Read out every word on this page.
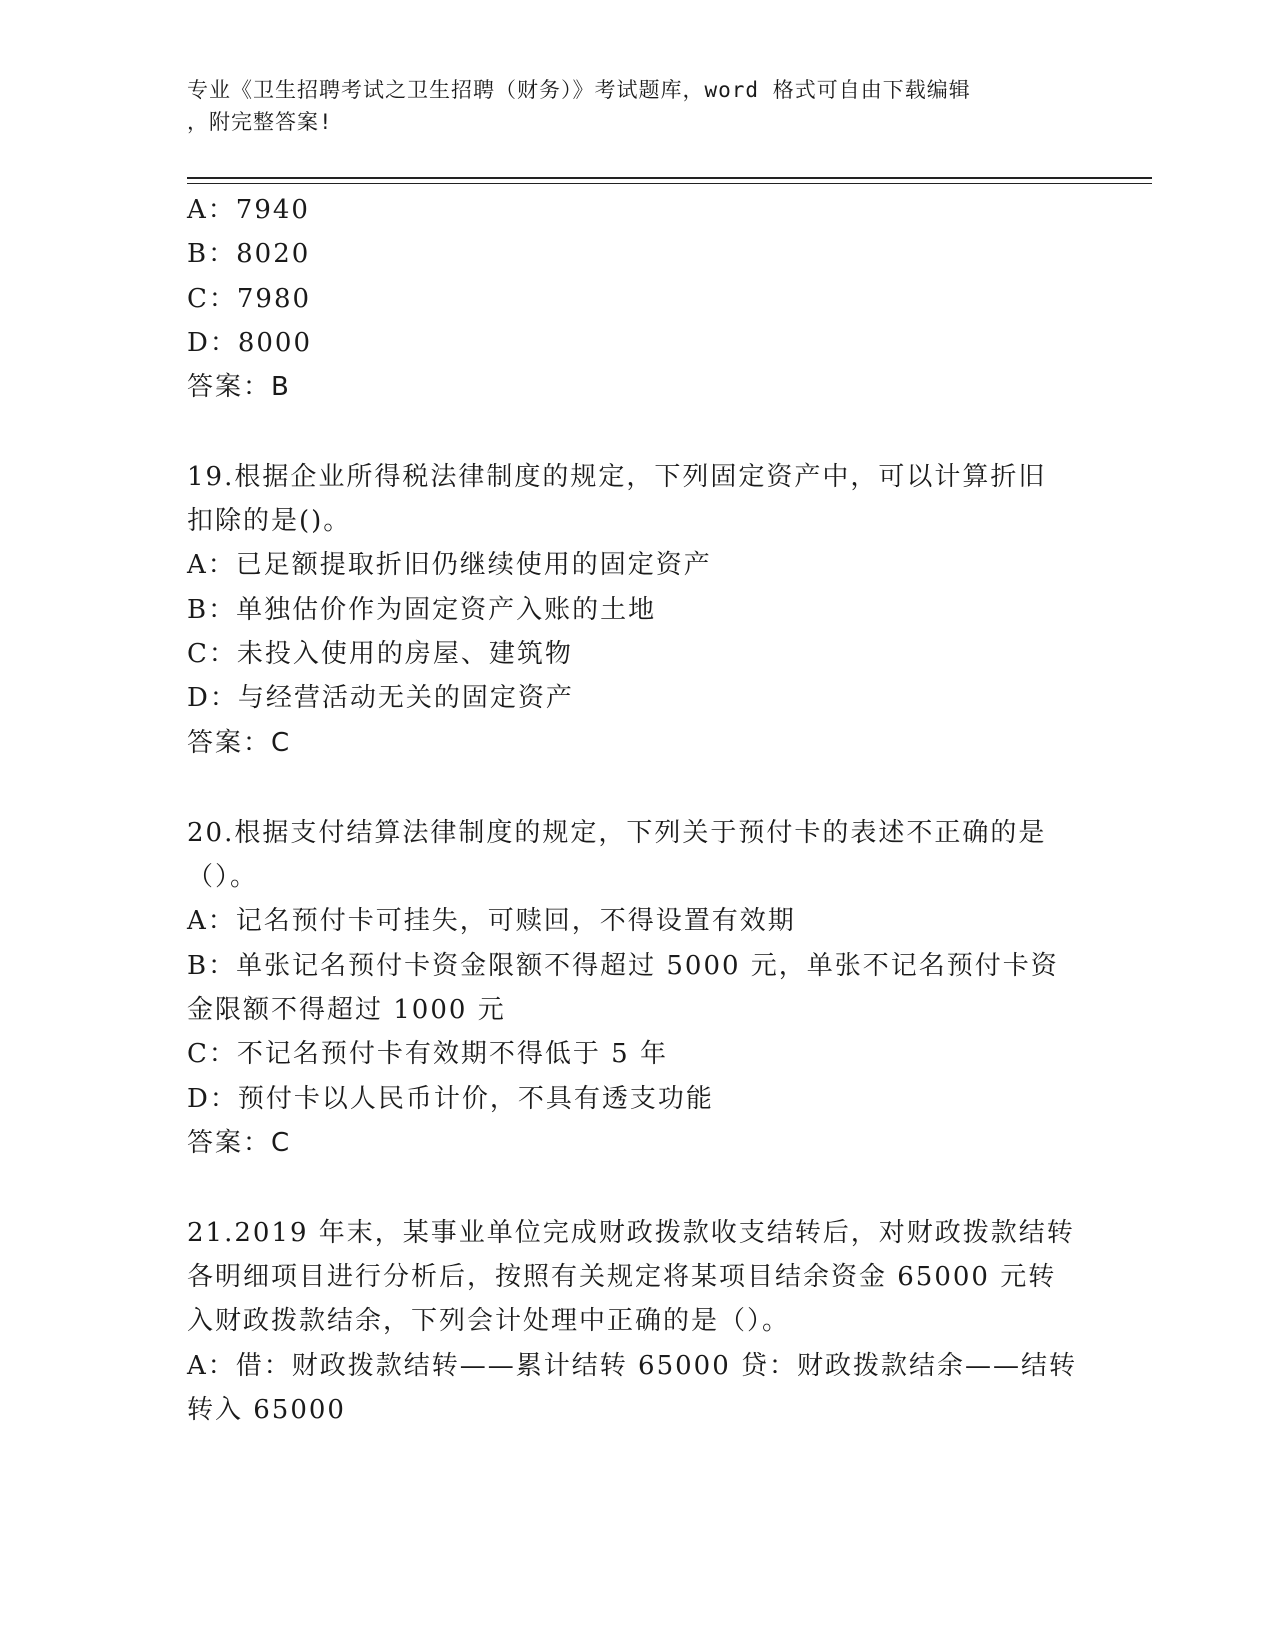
专业《卫生招聘考试之卫生招聘（财务）》考试题库，word 格式可自由下载编辑
，附完整答案!
A：7940
B：8020
C：7980
D：8000
答案：B
19.根据企业所得税法律制度的规定，下列固定资产中，可以计算折旧
扣除的是()。
A：已足额提取折旧仍继续使用的固定资产
B：单独估价作为固定资产入账的土地
C：未投入使用的房屋、建筑物
D：与经营活动无关的固定资产
答案：C
20.根据支付结算法律制度的规定，下列关于预付卡的表述不正确的是
（）。
A：记名预付卡可挂失，可赎回，不得设置有效期
B：单张记名预付卡资金限额不得超过 5000 元，单张不记名预付卡资
金限额不得超过 1000 元
C：不记名预付卡有效期不得低于 5 年
D：预付卡以人民币计价，不具有透支功能
答案：C
21.2019 年末，某事业单位完成财政拨款收支结转后，对财政拨款结转
各明细项目进行分析后，按照有关规定将某项目结余资金 65000 元转
入财政拨款结余，下列会计处理中正确的是（）。
A：借：财政拨款结转——累计结转 65000 贷：财政拨款结余——结转
转入 65000
